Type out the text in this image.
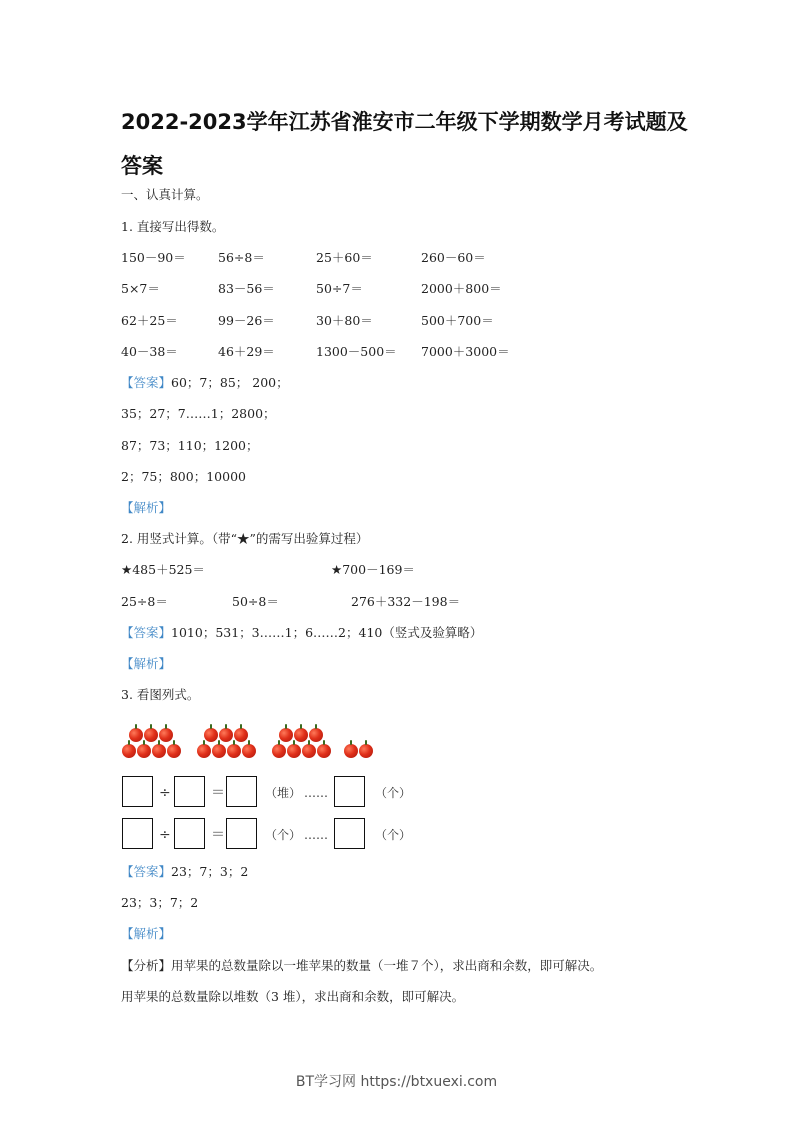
2022-2023学年江苏省淮安市二年级下学期数学月考试题及答案
一、认真计算。
1. 直接写出得数。
150－90＝	56÷8＝	25＋60＝	260－60＝
5×7＝	83－56＝	50÷7＝	2000＋800＝
62＋25＝	99－26＝	30＋80＝	500＋700＝
40－38＝	46＋29＝	1300－500＝ 7000＋3000＝
【答案】60；7；85； 200；
35；27；7……1；2800；
87；73；110；1200；
2；75；800；10000
【解析】
2. 用竖式计算。（带“★”的需写出验算过程）
★485＋525＝	★700－169＝
25÷8＝	50÷8＝	276＋332－198＝
【答案】1010；531；3……1；6……2；410（竖式及验算略）
【解析】
3. 看图列式。
÷	＝	（堆） ……	（个）
÷	＝	（个） ……	（个）
【答案】23；7；3；2
23；3；7；2
【解析】
【分析】用苹果的总数量除以一堆苹果的数量（一堆７个），求出商和余数，即可解决。
用苹果的总数量除以堆数（3 堆），求出商和余数，即可解决。
BT学习网 https://btxuexi.com
